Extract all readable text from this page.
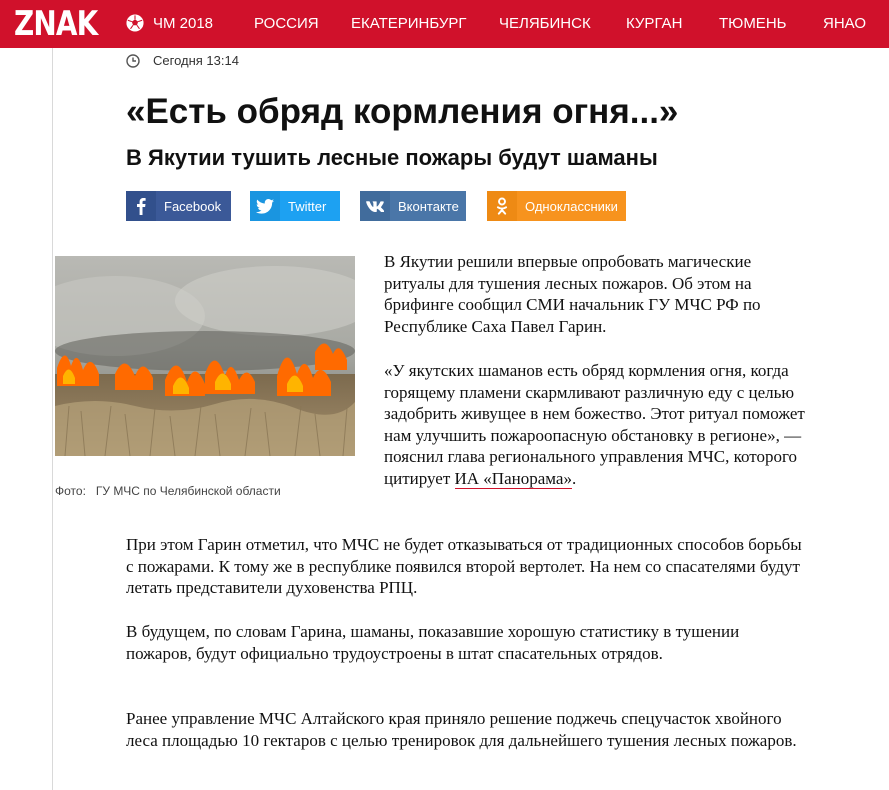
ZNAK	ЧМ 2018	РОССИЯ ЕКАТЕРИНБУРГ ЧЕЛЯБИНСК КУРГАН ТЮМЕНЬ ЯНАО
Сегодня 13:14
«Есть обряд кормления огня...»
В Якутии тушить лесные пожары будут шаманы
Facebook	Twitter	Вконтакте	Одноклассники
Фото: ГУ МЧС по Челябинской области

В Якутии решили впервые опробовать магические ритуалы для тушения лесных пожаров. Об этом на брифинге сообщил СМИ начальник ГУ МЧС РФ по Республике Саха Павел Гарин.

«У якутских шаманов есть обряд кормления огня, когда горящему пламени скармливают различную еду с целью задобрить живущее в нем божество. Этот ритуал поможет нам улучшить пожароопасную обстановку в регионе», — пояснил глава регионального управления МЧС, которого цитирует ИА «Панорама».

При этом Гарин отметил, что МЧС не будет отказываться от традиционных способов борьбы с пожарами. К тому же в республике появился второй вертолет. На нем со спасателями будут летать представители духовенства РПЦ.

В будущем, по словам Гарина, шаманы, показавшие хорошую статистику в тушении пожаров, будут официально трудоустроены в штат спасательных отрядов.

Ранее управление МЧС Алтайского края приняло решение поджечь спецучасток хвойного леса площадью 10 гектаров с целью тренировок для дальнейшего тушения лесных пожаров.
